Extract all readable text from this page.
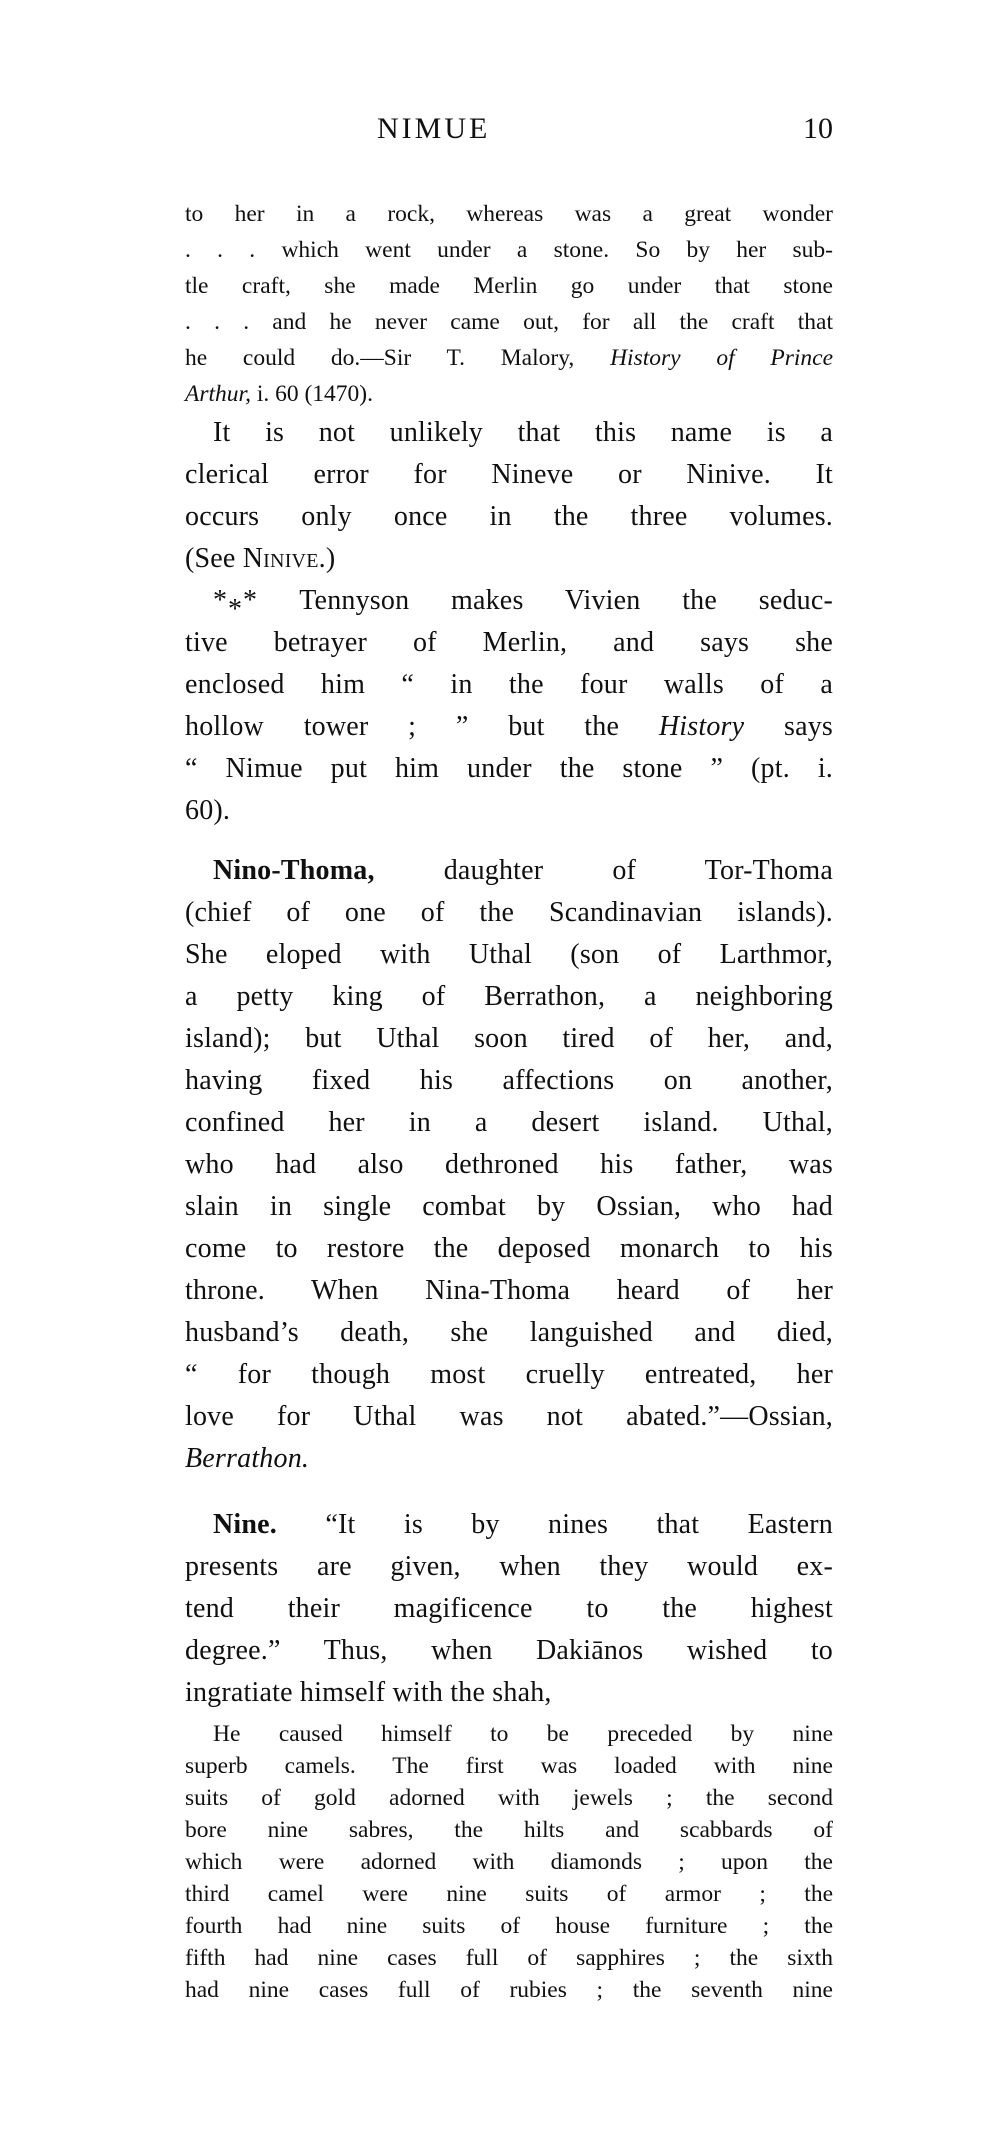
NIMUE	10

to her in a rock, whereas was a great wonder
. . . which went under a stone. So by her sub-
tle craft, she made Merlin go under that stone
. . . and he never came out, for all the craft that
he could do.—Sir T. Malory, History of Prince
Arthur, i. 60 (1470).

It is not unlikely that this name is a
clerical error for Nineve or Ninive. It
occurs only once in the three volumes.
(See Ninive.)

*** Tennyson makes Vivien the seduc-
tive betrayer of Merlin, and says she
enclosed him “ in the four walls of a
hollow tower ; ” but the History says
“ Nimue put him under the stone ” (pt. i.
60).

Nino-Thoma, daughter of Tor-Thoma
(chief of one of the Scandinavian islands).
She eloped with Uthal (son of Larthmor,
a petty king of Berrathon, a neighboring
island); but Uthal soon tired of her, and,
having fixed his affections on another,
confined her in a desert island. Uthal,
who had also dethroned his father, was
slain in single combat by Ossian, who had
come to restore the deposed monarch to his
throne. When Nina-Thoma heard of her
husband’s death, she languished and died,
“ for though most cruelly entreated, her
love for Uthal was not abated.”—Ossian,
Berrathon.

Nine. “It is by nines that Eastern
presents are given, when they would ex-
tend their magificence to the highest
degree.” Thus, when Dakiānos wished to
ingratiate himself with the shah,

He caused himself to be preceded by nine
superb camels. The first was loaded with nine
suits of gold adorned with jewels ; the second
bore nine sabres, the hilts and scabbards of
which were adorned with diamonds ; upon the
third camel were nine suits of armor ; the
fourth had nine suits of house furniture ; the
fifth had nine cases full of sapphires ; the sixth
had nine cases full of rubies ; the seventh nine
